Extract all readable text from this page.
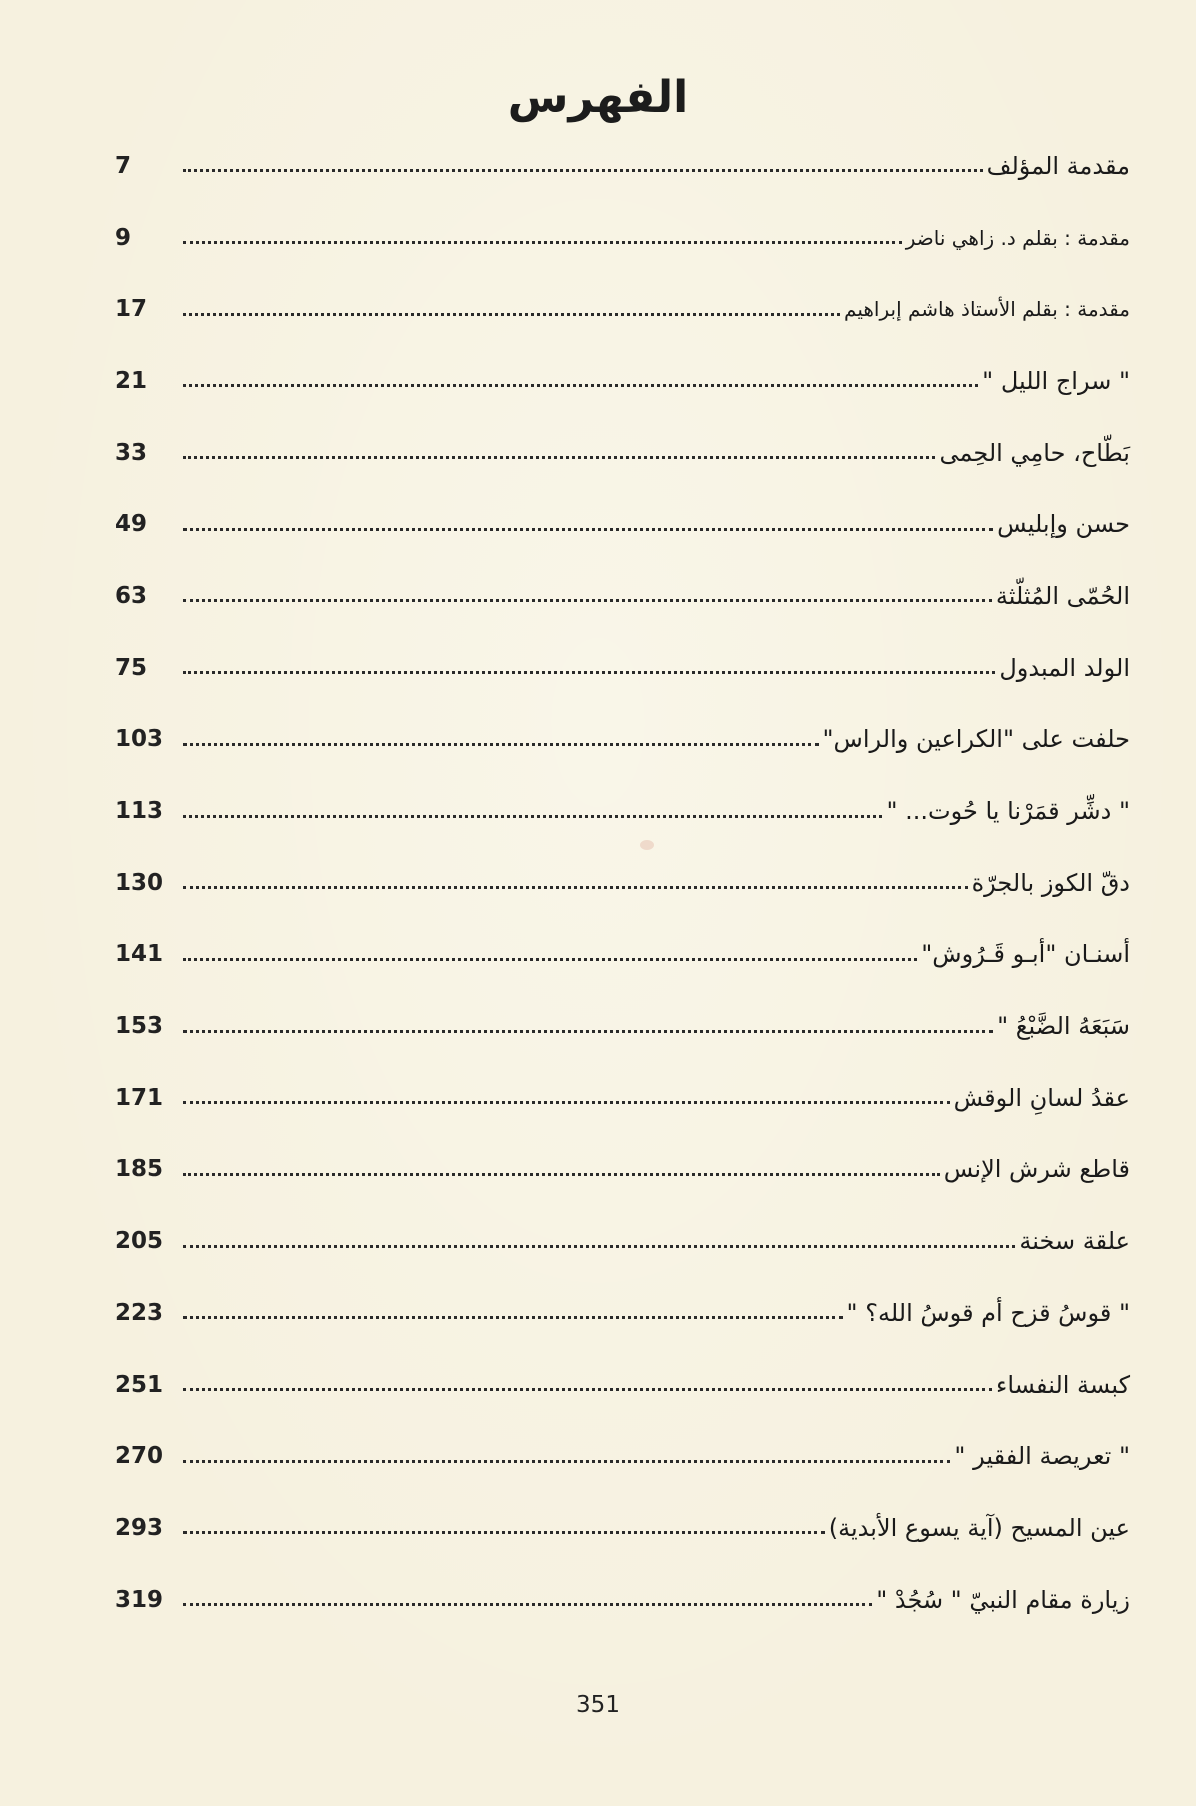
الفهرس
7	مقدمة المؤلف
9	مقدمة : بقلم د. زاهي ناضر
17	مقدمة : بقلم الأستاذ هاشم إبراهيم
21	" سراج الليل "
33	بَطّاح، حامِي الحِمى
49	حسن وإبليس
63	الحُمّى المُثلّثة
75	الولد المبدول
103	حلفت على "الكراعين والراس"
113	" دشِّر قمَرْنا يا حُوت... "
130	دقّ الكوز بالجرّة
141	أسنـان "أبـو قَـرُوش"
153	سَبَعَهُ الضَّبْعُ "
171	عقدُ لسانِ الوقش
185	قاطع شرش الإنس
205	علقة سخنة
223	" قوسُ قزح أم قوسُ الله؟ "
251	كبسة النفساء
270	" تعريصة الفقير "
293	عين المسيح (آية يسوع الأبدية)
319	زيارة مقام النبيّ " سُجُدْ "
351
